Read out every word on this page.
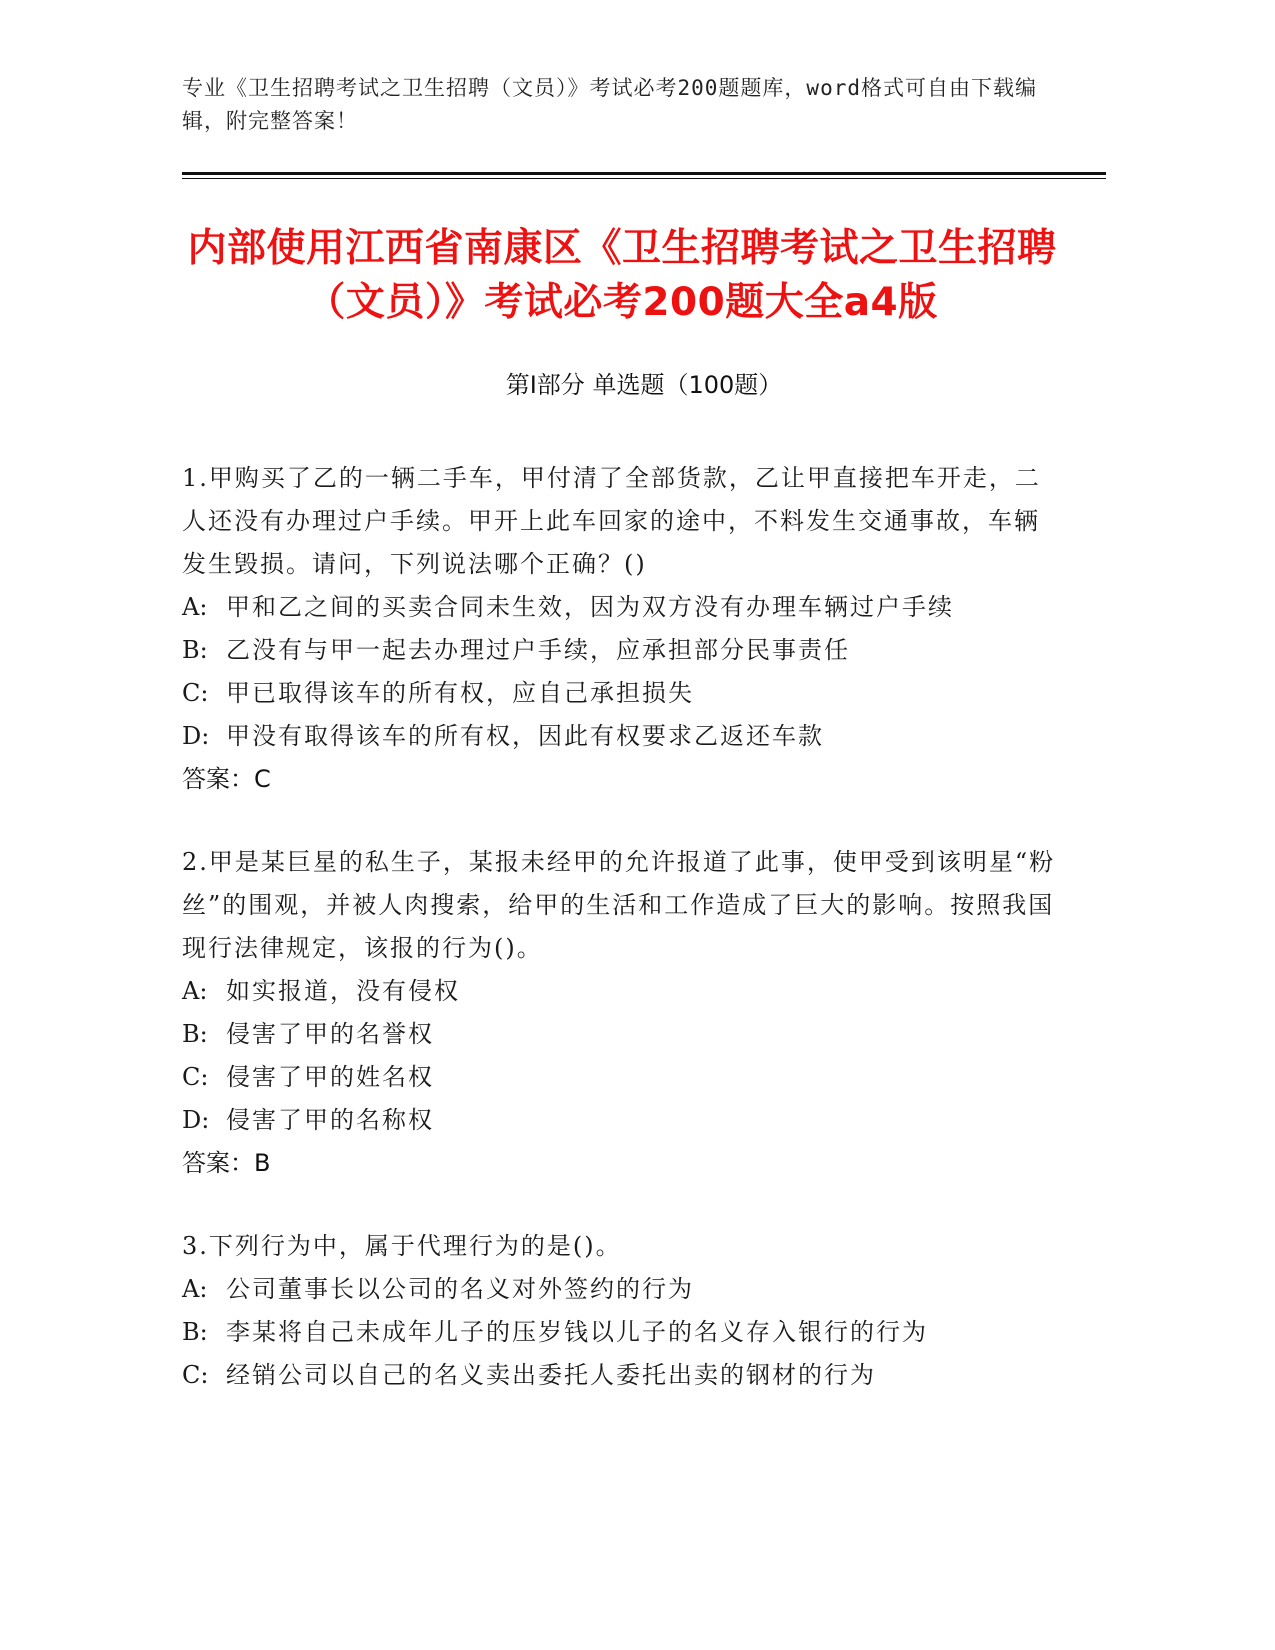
专业《卫生招聘考试之卫生招聘（文员）》考试必考200题题库，word格式可自由下载编辑，附完整答案！
内部使用江西省南康区《卫生招聘考试之卫生招聘（文员）》考试必考200题大全a4版
第Ⅰ部分 单选题（100题）
1.甲购买了乙的一辆二手车，甲付清了全部货款，乙让甲直接把车开走，二人还没有办理过户手续。甲开上此车回家的途中，不料发生交通事故，车辆发生毁损。请问，下列说法哪个正确？()
A: 甲和乙之间的买卖合同未生效，因为双方没有办理车辆过户手续
B: 乙没有与甲一起去办理过户手续，应承担部分民事责任
C: 甲已取得该车的所有权，应自己承担损失
D: 甲没有取得该车的所有权，因此有权要求乙返还车款
答案：C
2.甲是某巨星的私生子，某报未经甲的允许报道了此事，使甲受到该明星“粉丝”的围观，并被人肉搜索，给甲的生活和工作造成了巨大的影响。按照我国现行法律规定，该报的行为()。
A: 如实报道，没有侵权
B: 侵害了甲的名誉权
C: 侵害了甲的姓名权
D: 侵害了甲的名称权
答案：B
3.下列行为中，属于代理行为的是()。
A: 公司董事长以公司的名义对外签约的行为
B: 李某将自己未成年儿子的压岁钱以儿子的名义存入银行的行为
C: 经销公司以自己的名义卖出委托人委托出卖的钢材的行为
